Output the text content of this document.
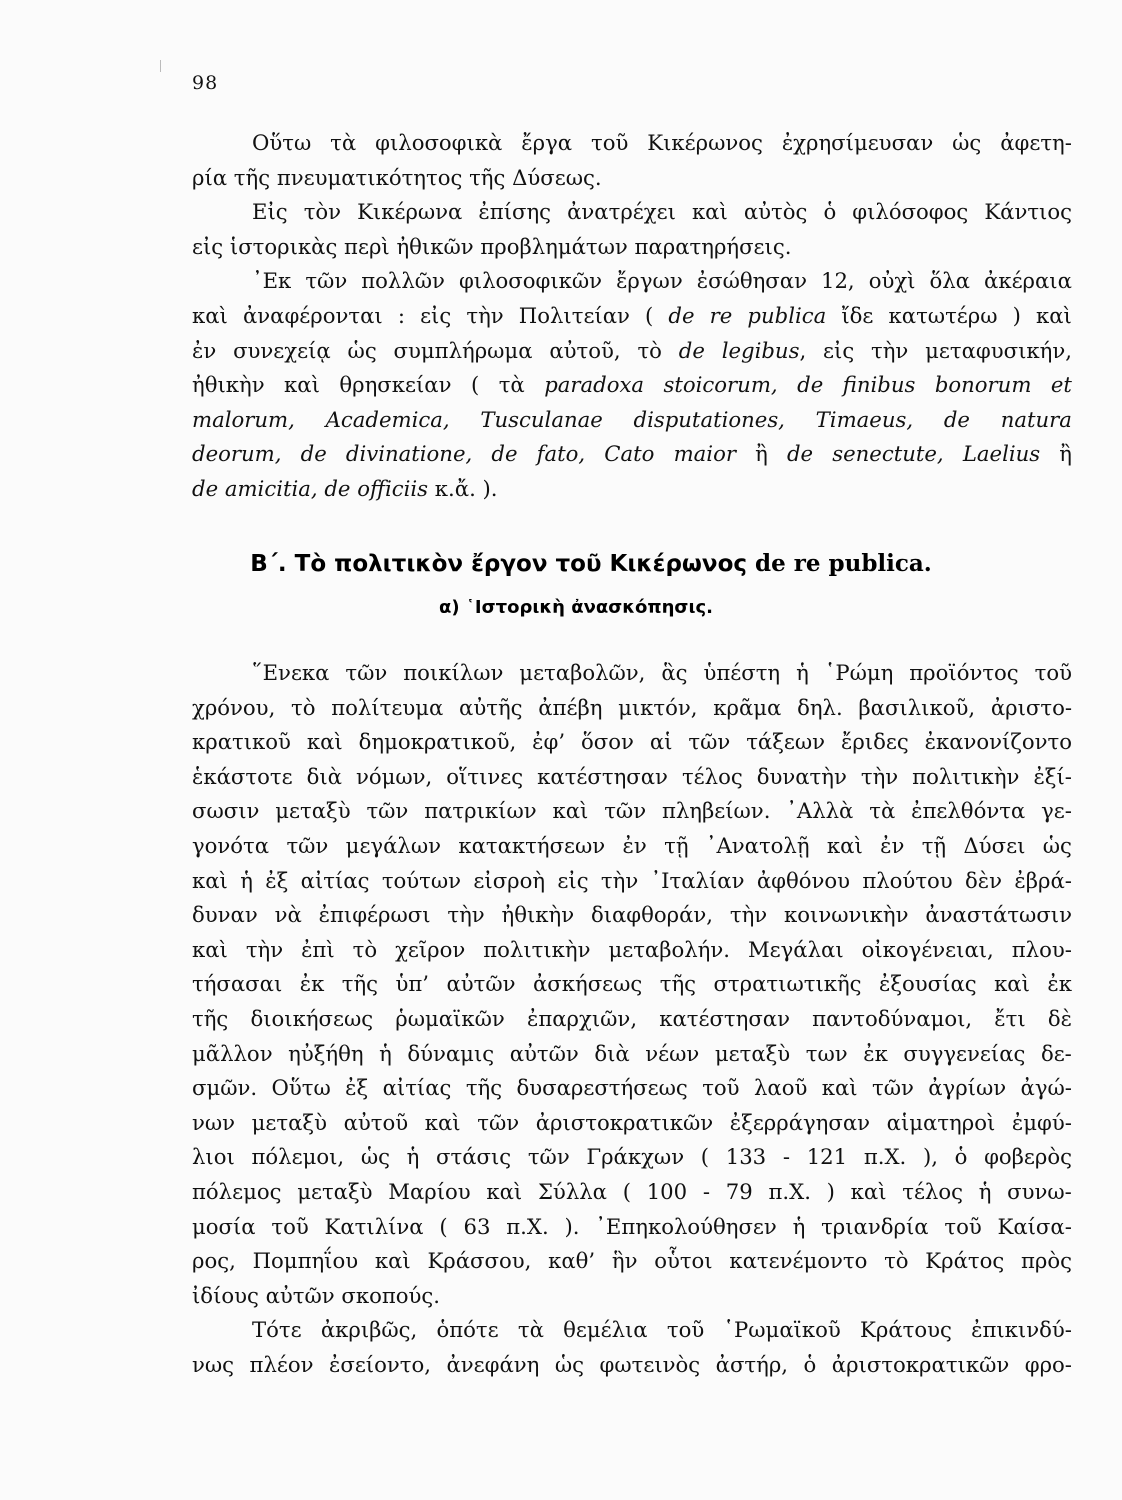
98
Οὕτω τὰ φιλοσοφικὰ ἔργα τοῦ Κικέρωνος ἐχρησίμευσαν ὡς ἀφετη-
ρία τῆς πνευματικότητος τῆς Δύσεως.
Εἰς τὸν Κικέρωνα ἐπίσης ἀνατρέχει καὶ αὐτὸς ὁ φιλόσοφος Κάντιος
εἰς ἱστορικὰς περὶ ἠθικῶν προβλημάτων παρατηρήσεις.
᾿Εκ τῶν πολλῶν φιλοσοφικῶν ἔργων ἐσώθησαν 12, οὐχὶ ὅλα ἀκέραια
καὶ ἀναφέρονται : εἰς τὴν Πολιτείαν ( de re publica ἴδε κατωτέρω ) καὶ
ἐν συνεχείᾳ ὡς συμπλήρωμα αὐτοῦ, τὸ de legibus, εἰς τὴν μεταφυσικήν,
ἠθικὴν καὶ θρησκείαν ( τὰ paradoxa stoicorum, de finibus bonorum et
malorum, Academica, Tusculanae disputationes, Timaeus, de natura
deorum, de divinatione, de fato, Cato maior ἢ de senectute, Laelius ἢ
de amicitia, de officiis κ.ἄ. ).
Β΄. Τὸ πολιτικὸν ἔργον τοῦ Κικέρωνος de re publica.
α) ῾Ιστορικὴ ἀνασκόπησις.
῞Ενεκα τῶν ποικίλων μεταβολῶν, ἃς ὑπέστη ἡ ῾Ρώμη προϊόντος τοῦ
χρόνου, τὸ πολίτευμα αὐτῆς ἀπέβη μικτόν, κρᾶμα δηλ. βασιλικοῦ, ἀριστο-
κρατικοῦ καὶ δημοκρατικοῦ, ἐφ’ ὅσον αἱ τῶν τάξεων ἔριδες ἐκανονίζοντο
ἑκάστοτε διὰ νόμων, οἵτινες κατέστησαν τέλος δυνατὴν τὴν πολιτικὴν ἐξί-
σωσιν μεταξὺ τῶν πατρικίων καὶ τῶν πληβείων. ᾿Αλλὰ τὰ ἐπελθόντα γε-
γονότα τῶν μεγάλων κατακτήσεων ἐν τῇ ᾿Ανατολῇ καὶ ἐν τῇ Δύσει ὡς
καὶ ἡ ἐξ αἰτίας τούτων εἰσροὴ εἰς τὴν ᾿Ιταλίαν ἀφθόνου πλούτου δὲν ἐβρά-
δυναν νὰ ἐπιφέρωσι τὴν ἠθικὴν διαφθοράν, τὴν κοινωνικὴν ἀναστάτωσιν
καὶ τὴν ἐπὶ τὸ χεῖρον πολιτικὴν μεταβολήν. Μεγάλαι οἰκογένειαι, πλου-
τήσασαι ἐκ τῆς ὑπ’ αὐτῶν ἀσκήσεως τῆς στρατιωτικῆς ἐξουσίας καὶ ἐκ
τῆς διοικήσεως ῥωμαϊκῶν ἐπαρχιῶν, κατέστησαν παντοδύναμοι, ἔτι δὲ
μᾶλλον ηὐξήθη ἡ δύναμις αὐτῶν διὰ νέων μεταξὺ των ἐκ συγγενείας δε-
σμῶν. Οὕτω ἐξ αἰτίας τῆς δυσαρεστήσεως τοῦ λαοῦ καὶ τῶν ἀγρίων ἀγώ-
νων μεταξὺ αὐτοῦ καὶ τῶν ἀριστοκρατικῶν ἐξερράγησαν αἱματηροὶ ἐμφύ-
λιοι πόλεμοι, ὡς ἡ στάσις τῶν Γράκχων ( 133 - 121 π.Χ. ), ὁ φοβερὸς
πόλεμος μεταξὺ Μαρίου καὶ Σύλλα ( 100 - 79 π.Χ. ) καὶ τέλος ἡ συνω-
μοσία τοῦ Κατιλίνα ( 63 π.Χ. ). ᾿Επηκολούθησεν ἡ τριανδρία τοῦ Καίσα-
ρος, Πομπηΐου καὶ Κράσσου, καθ’ ἣν οὗτοι κατενέμοντο τὸ Κράτος πρὸς
ἰδίους αὐτῶν σκοπούς.
Τότε ἀκριβῶς, ὁπότε τὰ θεμέλια τοῦ ῾Ρωμαϊκοῦ Κράτους ἐπικινδύ-
νως πλέον ἐσείοντο, ἀνεφάνη ὡς φωτεινὸς ἀστήρ, ὁ ἀριστοκρατικῶν φρο-
